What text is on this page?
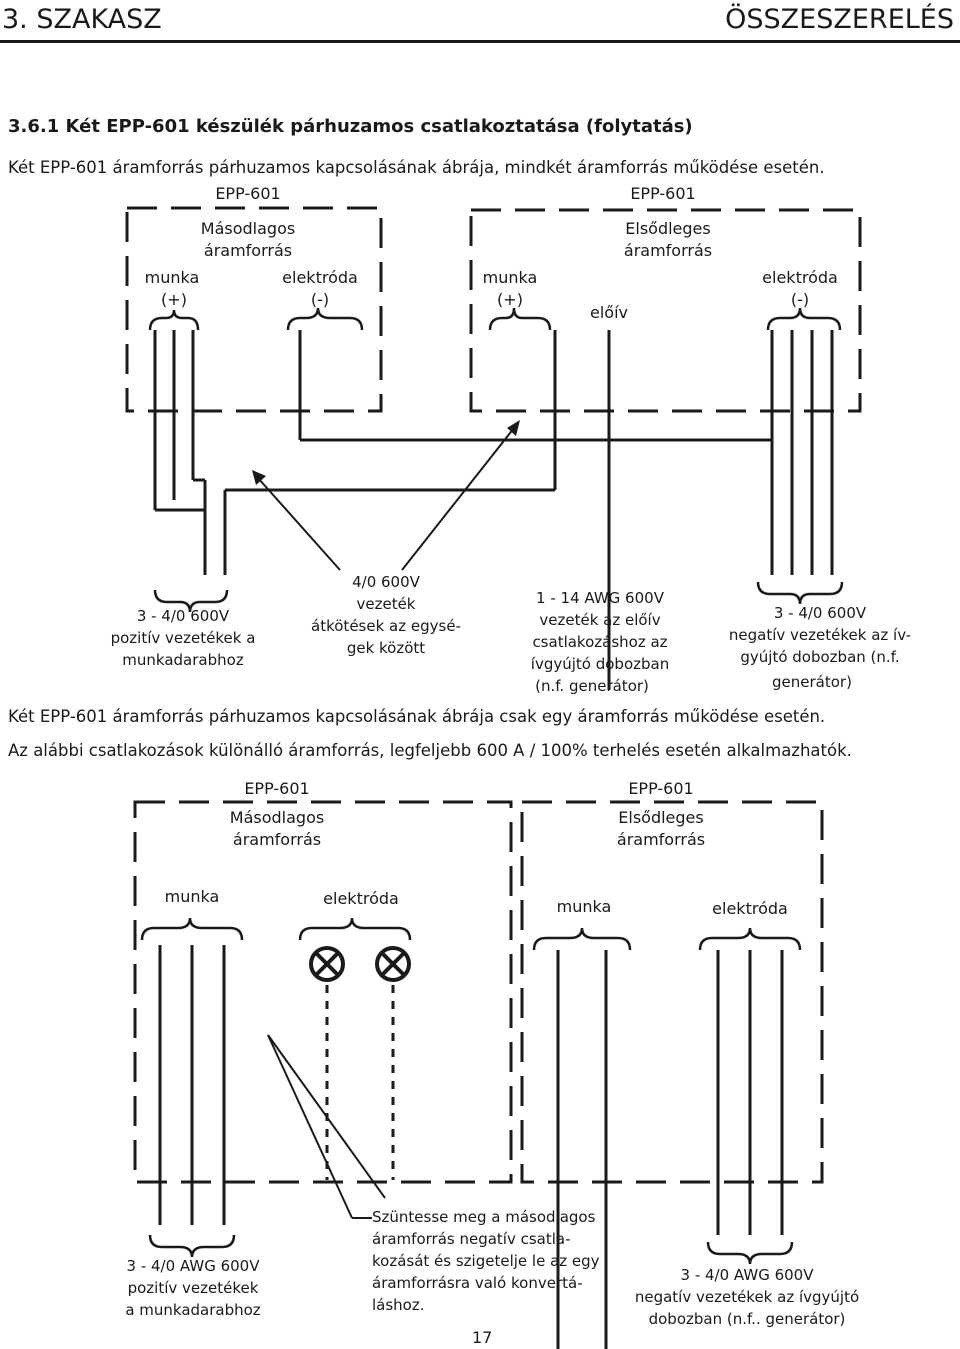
3. SZAKASZ	ÖSSZESZERELÉS
3.6.1 Két EPP-601 készülék párhuzamos csatlakoztatása (folytatás)
Két EPP-601 áramforrás párhuzamos kapcsolásának ábrája, mindkét áramforrás működése esetén.
Két EPP-601 áramforrás párhuzamos kapcsolásának ábrája csak egy áramforrás működése esetén.
Az alábbi csatlakozások különálló áramforrás, legfeljebb 600 A / 100% terhelés esetén alkalmazhatók.
EPP-601
Másodlagos
áramforrás
munka
(+)
elektróda
(-)
EPP-601
Elsődleges
áramforrás
munka
(+)
előív
elektróda
(-)
3 - 4/0 600V
pozitív vezetékek a
munkadarabhoz
4/0 600V
vezeték
átkötések az egysé-
gek között
1 - 14 AWG 600V
vezeték az előív
csatlakozáshoz az
ívgyújtó dobozban
(n.f. generátor)
3 - 4/0 600V
negatív vezetékek az ív-
gyújtó dobozban (n.f.
generátor)
EPP-601
Másodlagos
áramforrás
munka	elektróda
EPP-601
Elsődleges
áramforrás
munka	elektróda
3 - 4/0 AWG 600V
pozitív vezetékek
a munkadarabhoz
Szüntesse meg a másodlagos
áramforrás negatív csatla-
kozását és szigetelje le az egy
áramforrásra való konvertá-
láshoz.
3 - 4/0 AWG 600V
negatív vezetékek az ívgyújtó
dobozban (n.f.. generátor)
17
